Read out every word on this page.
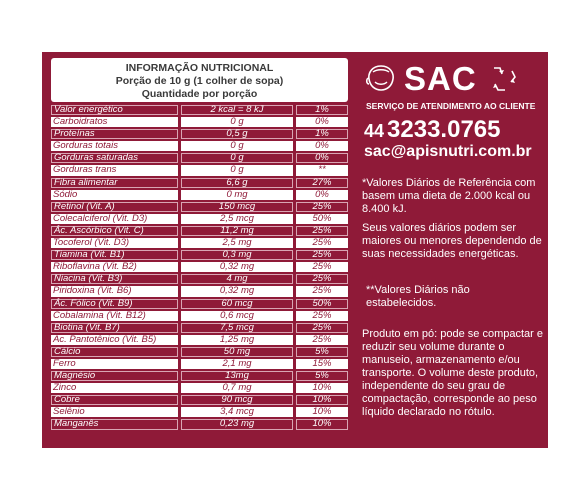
INFORMAÇÃO NUTRICIONAL
Porção de 10 g (1 colher de sopa)
Quantidade por porção
Valor energético	2 kcal = 8 kJ	1%
Carboidratos	0 g	0%
Proteínas	0,5 g	1%
Gorduras totais	0 g	0%
Gorduras saturadas	0 g	0%
Gorduras trans	0 g	**
Fibra alimentar	6,6 g	27%
Sódio	0 mg	0%
Retinol (Vit. A)	150 mcg	25%
Colecalciferol (Vit. D3)	2,5 mcg	50%
Ác. Ascórbico (Vit. C)	11,2 mg	25%
Tocoferol (Vit. D3)	2,5 mg	25%
Tiamina (Vit. B1)	0,3 mg	25%
Riboflavina (Vit. B2)	0,32 mg	25%
Niacina (Vit. B3)	4 mg	25%
Piridoxina (Vit. B6)	0,32 mg	25%
Ác. Fólico (Vit. B9)	60 mcg	50%
Cobalamina (Vit. B12)	0,6 mcg	25%
Biotina (Vit. B7)	7,5 mcg	25%
Ác. Pantotênico (Vit. B5)	1,25 mg	25%
Cálcio	50 mg	5%
Ferro	2,1 mg	15%
Magnésio	13mg	5%
Zinco	0,7 mg	10%
Cobre	90 mcg	10%
Selênio	3,4 mcg	10%
Manganês	0,23 mg	10%
SAC
SERVIÇO DE ATENDIMENTO AO CLIENTE
44 3233.0765
sac@apisnutri.com.br
*Valores Diários de Referência com basem uma dieta de 2.000 kcal ou 8.400 kJ.
Seus valores diários podem ser maiores ou menores dependendo de suas necessidades energéticas.
**Valores Diários não estabelecidos.
Produto em pó: pode se compactar e reduzir seu volume durante o manuseio, armazenamento e/ou transporte. O volume deste produto, independente do seu grau de compactação, corresponde ao peso líquido declarado no rótulo.
